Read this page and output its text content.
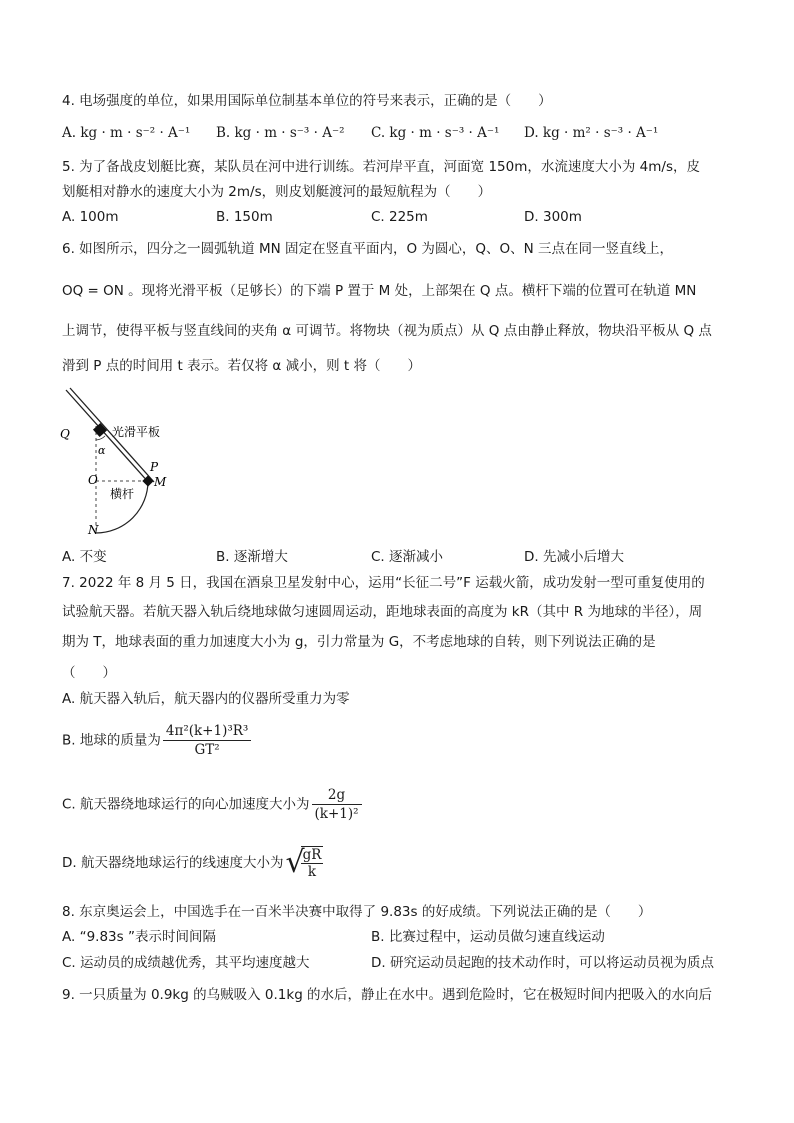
4. 电场强度的单位，如果用国际单位制基本单位的符号来表示，正确的是（　　）
A. kg · m · s⁻² · A⁻¹ B. kg · m · s⁻³ · A⁻² C. kg · m · s⁻³ · A⁻¹ D. kg · m² · s⁻³ · A⁻¹
5. 为了备战皮划艇比赛，某队员在河中进行训练。若河岸平直，河面宽 150m，水流速度大小为 4m/s，皮
划艇相对静水的速度大小为 2m/s，则皮划艇渡河的最短航程为（　　）
A. 100m	B. 150m	C. 225m	D. 300m
6. 如图所示，四分之一圆弧轨道 MN 固定在竖直平面内，O 为圆心，Q、O、N 三点在同一竖直线上，
OQ = ON 。现将光滑平板（足够长）的下端 P 置于 M 处，上部架在 Q 点。横杆下端的位置可在轨道 MN
上调节，使得平板与竖直线间的夹角 α 可调节。将物块（视为质点）从 Q 点由静止释放，物块沿平板从 Q 点
滑到 P 点的时间用 t 表示。若仅将 α 减小，则 t 将（　　）
Q
O
N
P
M
α
光滑平板
横杆
A. 不变	B. 逐渐增大	C. 逐渐减小	D. 先减小后增大
7. 2022 年 8 月 5 日，我国在酒泉卫星发射中心，运用“长征二号”F 运载火箭，成功发射一型可重复使用的
试验航天器。若航天器入轨后绕地球做匀速圆周运动，距地球表面的高度为 kR（其中 R 为地球的半径），周
期为 T，地球表面的重力加速度大小为 g，引力常量为 G，不考虑地球的自转，则下列说法正确的是
（　　）
A. 航天器入轨后，航天器内的仪器所受重力为零
B. 地球的质量为 $\frac{\text{4π²(k+1)³R³}}{\text{GT²}}$
C. 航天器绕地球运行的向心加速度大小为 $\frac{2g}{\text{(k+1)²}}$
D. 航天器绕地球运行的线速度大小为√
$\frac{gR}{k}$
8. 东京奥运会上，中国选手在一百米半决赛中取得了 9.83s 的好成绩。下列说法正确的是（　　）
A. “9.83s ”表示时间间隔	B. 比赛过程中，运动员做匀速直线运动
C. 运动员的成绩越优秀，其平均速度越大	D. 研究运动员起跑的技术动作时，可以将运动员视为质点
9. 一只质量为 0.9kg 的乌贼吸入 0.1kg 的水后，静止在水中。遇到危险时，它在极短时间内把吸入的水向后
